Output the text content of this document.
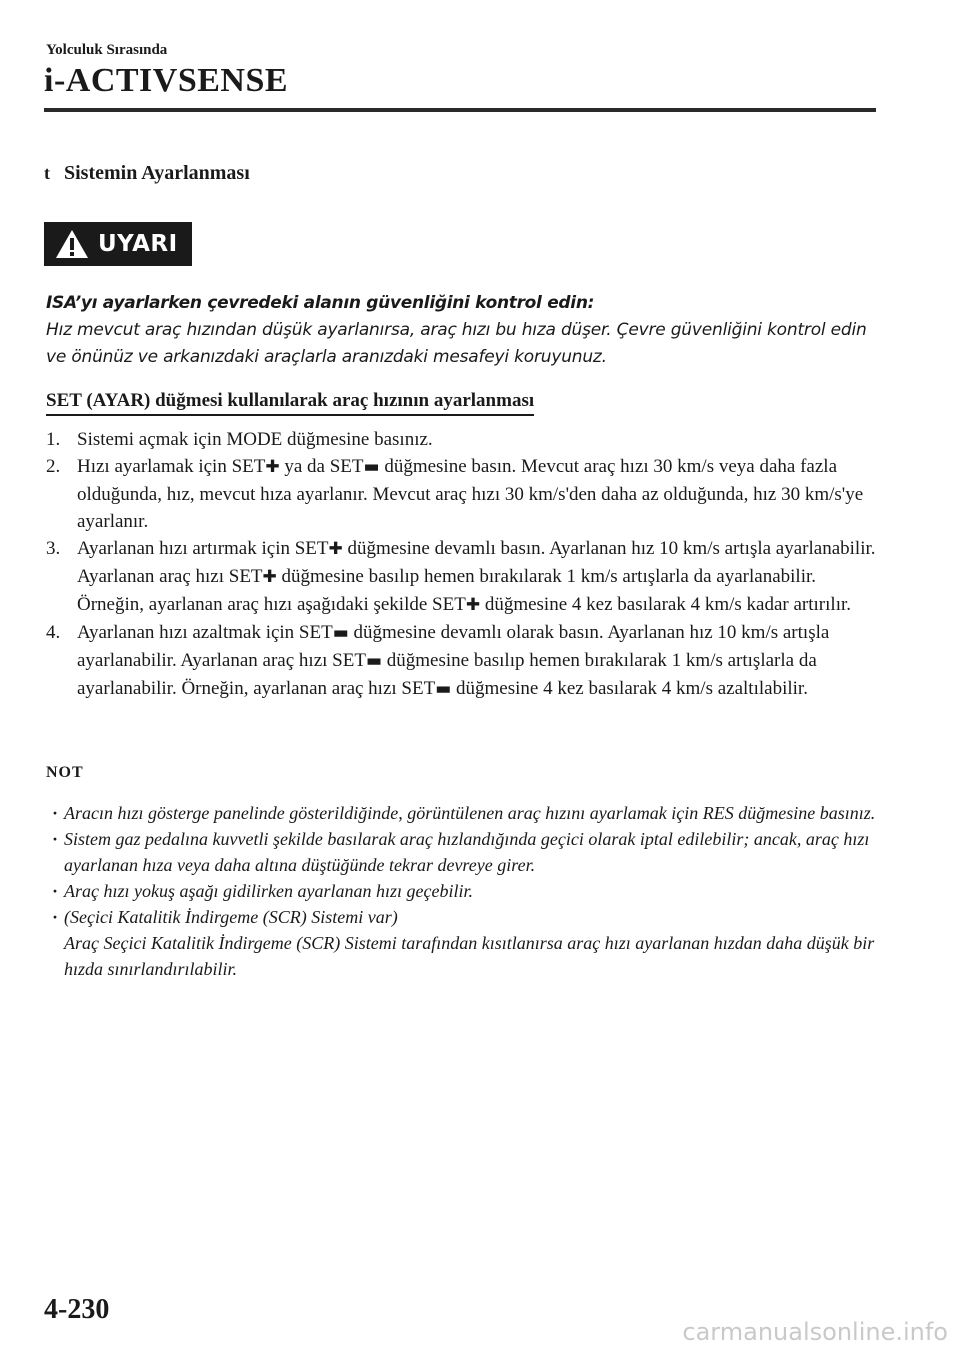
Yolculuk Sırasında
i-ACTIVSENSE
t Sistemin Ayarlanması
UYARI
ISA’yı ayarlarken çevredeki alanın güvenliğini kontrol edin:
Hız mevcut araç hızından düşük ayarlanırsa, araç hızı bu hıza düşer. Çevre güvenliğini kontrol edin ve önünüz ve arkanızdaki araçlarla aranızdaki mesafeyi koruyunuz.
SET (AYAR) düğmesi kullanılarak araç hızının ayarlanması
1. Sistemi açmak için MODE düğmesine basınız.
2. Hızı ayarlamak için SET✚ ya da SET▬ düğmesine basın. Mevcut araç hızı 30 km/s veya daha fazla olduğunda, hız, mevcut hıza ayarlanır. Mevcut araç hızı 30 km/s'den daha az olduğunda, hız 30 km/s'ye ayarlanır.
3. Ayarlanan hızı artırmak için SET✚ düğmesine devamlı basın. Ayarlanan hız 10 km/s artışla ayarlanabilir. Ayarlanan araç hızı SET✚ düğmesine basılıp hemen bırakılarak 1 km/s artışlarla da ayarlanabilir. Örneğin, ayarlanan araç hızı aşağıdaki şekilde SET✚ düğmesine 4 kez basılarak 4 km/s kadar artırılır.
4. Ayarlanan hızı azaltmak için SET▬ düğmesine devamlı olarak basın. Ayarlanan hız 10 km/s artışla ayarlanabilir. Ayarlanan araç hızı SET▬ düğmesine basılıp hemen bırakılarak 1 km/s artışlarla da ayarlanabilir. Örneğin, ayarlanan araç hızı SET▬ düğmesine 4 kez basılarak 4 km/s azaltılabilir.
NOT
· Aracın hızı gösterge panelinde gösterildiğinde, görüntülenen araç hızını ayarlamak için RES düğmesine basınız.
· Sistem gaz pedalına kuvvetli şekilde basılarak araç hızlandığında geçici olarak iptal edilebilir; ancak, araç hızı ayarlanan hıza veya daha altına düştüğünde tekrar devreye girer.
· Araç hızı yokuş aşağı gidilirken ayarlanan hızı geçebilir.
· (Seçici Katalitik İndirgeme (SCR) Sistemi var)
Araç Seçici Katalitik İndirgeme (SCR) Sistemi tarafından kısıtlanırsa araç hızı ayarlanan hızdan daha düşük bir hızda sınırlandırılabilir.
4-230
carmanualsonline.info
